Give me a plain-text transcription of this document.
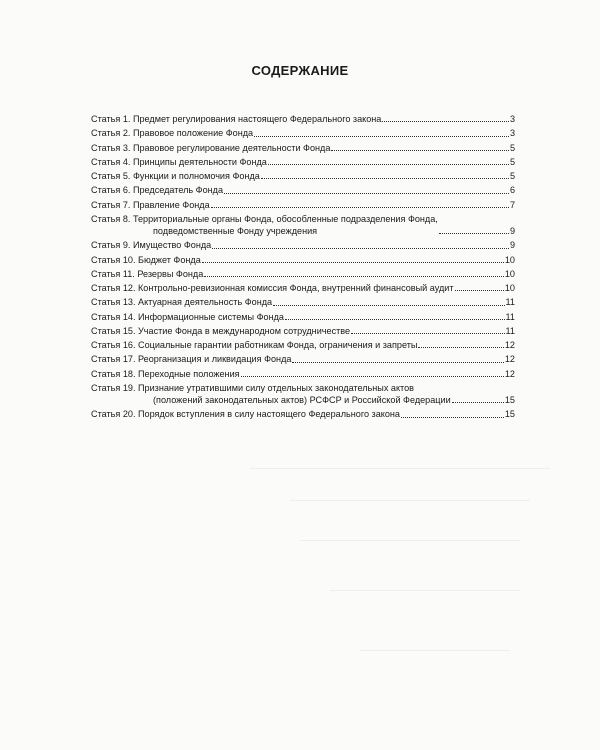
СОДЕРЖАНИЕ
Статья 1. Предмет регулирования настоящего Федерального закона	3
Статья 2. Правовое положение Фонда	3
Статья 3. Правовое регулирование деятельности Фонда	5
Статья 4. Принципы деятельности Фонда	5
Статья 5. Функции и полномочия Фонда	5
Статья 6. Председатель Фонда	6
Статья 7. Правление Фонда	7
Статья 8. Территориальные органы Фонда, обособленные подразделения Фонда,
подведомственные Фонду учреждения	9
Статья 9. Имущество Фонда	9
Статья 10. Бюджет Фонда	10
Статья 11. Резервы Фонда	10
Статья 12. Контрольно-ревизионная комиссия Фонда, внутренний финансовый аудит	10
Статья 13. Актуарная деятельность Фонда	11
Статья 14. Информационные системы Фонда	11
Статья 15. Участие Фонда в международном сотрудничестве	11
Статья 16. Социальные гарантии работникам Фонда, ограничения и запреты	12
Статья 17. Реорганизация и ликвидация Фонда	12
Статья 18. Переходные положения	12
Статья 19. Признание утратившими силу отдельных законодательных актов
(положений законодательных актов) РСФСР и Российской Федерации	15
Статья 20. Порядок вступления в силу настоящего Федерального закона	15
